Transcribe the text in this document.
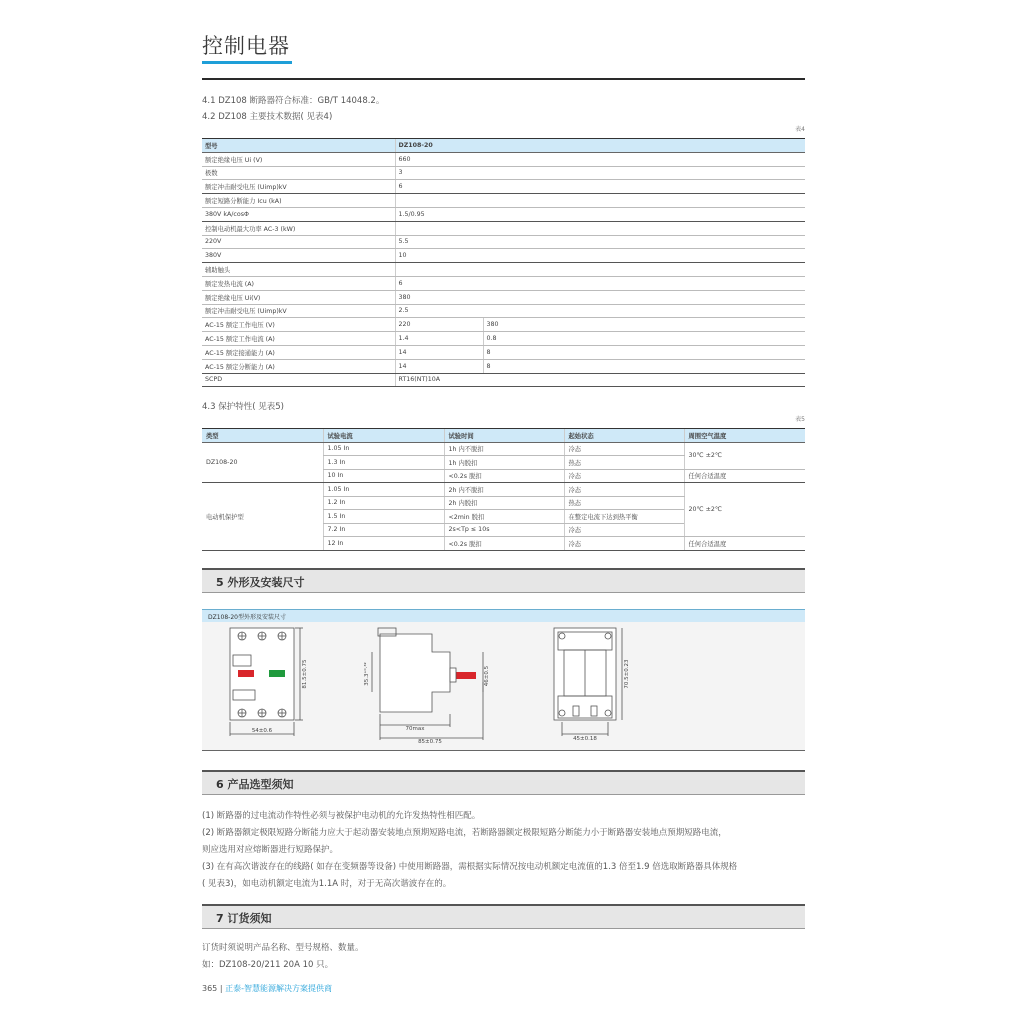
控制电器
4.1 DZ108 断路器符合标准：GB/T 14048.2。
4.2 DZ108 主要技术数据( 见表4)
表4
型号	DZ108-20	
额定绝缘电压 Ui (V)	660	
极数	3	
额定冲击耐受电压 (Uimp)kV	6	
额定短路分断能力 Icu (kA)		
380V kA/cosΦ	1.5/0.95	
控制电动机最大功率 AC-3 (kW)		
220V	5.5	
380V	10	
辅助触头		
额定发热电流 (A)	6	
额定绝缘电压 Ui(V)	380	
额定冲击耐受电压 (Uimp)kV	2.5	
AC-15 额定工作电压 (V)	220	380
AC-15 额定工作电流 (A)	1.4	0.8
AC-15 额定接通能力 (A)	14	8
AC-15 额定分断能力 (A)	14	8
SCPD	RT16(NT)10A	
4.3 保护特性( 见表5)
表5
类型	试验电流	试验时间	起始状态	周围空气温度
DZ108-20	1.05 In	1h 内不脱扣	冷态	30℃ ±2℃
	1.3 In	1h 内脱扣	热态	
	10 In	<0.2s 脱扣	冷态	任何合适温度
电动机保护型	1.05 In	2h 内不脱扣	冷态	20℃ ±2℃
	1.2 In	2h 内脱扣	热态	
	1.5 In	<2min 脱扣	在整定电流下达到热平衡	
	7.2 In	2s<Tp ≤ 10s	冷态	
	12 In	<0.2s 脱扣	冷态	任何合适温度
5 外形及安装尺寸
DZ108-20型外形及安装尺寸
54±0.6
81.5±0.75
70max
85±0.75
35.3⁺⁰·³²	46±0.5
45±0.18
70.5±0.23
6 产品选型须知
(1) 断路器的过电流动作特性必须与被保护电动机的允许发热特性相匹配。
(2) 断路器额定极限短路分断能力应大于起动器安装地点预期短路电流，若断路器额定极限短路分断能力小于断路器安装地点预期短路电流，
则应选用对应熔断器进行短路保护。
(3) 在有高次谐波存在的线路( 如存在变频器等设备) 中使用断路器，需根据实际情况按电动机额定电流值的1.3 倍至1.9 倍选取断路器具体规格
( 见表3)，如电动机额定电流为1.1A 时，对于无高次谐波存在的。
7 订货须知
订货时须说明产品名称、型号规格、数量。
如：DZ108-20/211 20A 10 只。
365 | 正泰-智慧能源解决方案提供商
